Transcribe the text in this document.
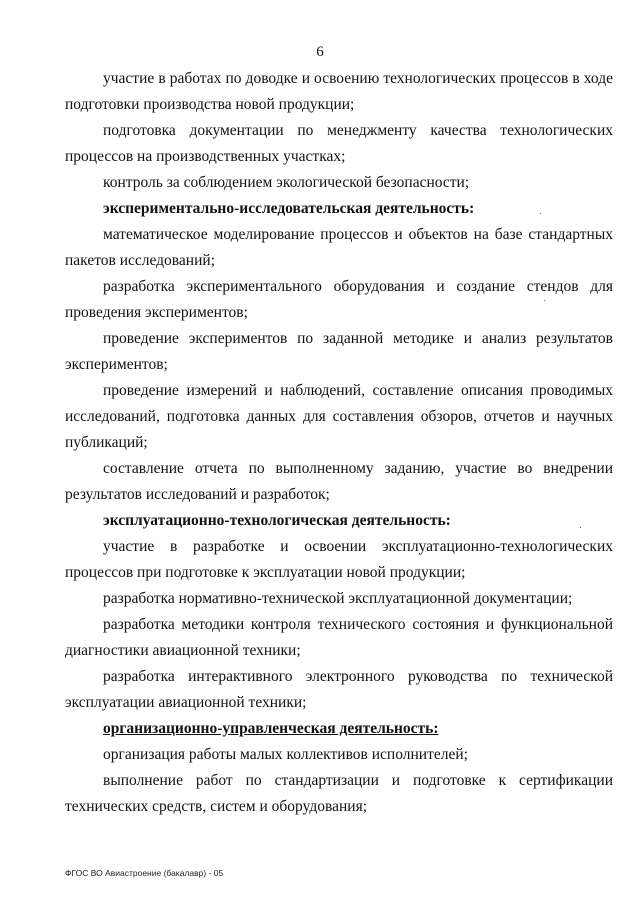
6

участие в работах по доводке и освоению технологических процессов в ходе подготовки производства новой продукции;

подготовка документации по менеджменту качества технологических процессов на производственных участках;

контроль за соблюдением экологической безопасности;

экспериментально-исследовательская деятельность:

математическое моделирование процессов и объектов на базе стандартных пакетов исследований;

разработка экспериментального оборудования и создание стендов для проведения экспериментов;

проведение экспериментов по заданной методике и анализ результатов экспериментов;

проведение измерений и наблюдений, составление описания проводимых исследований, подготовка данных для составления обзоров, отчетов и научных публикаций;

составление отчета по выполненному заданию, участие во внедрении результатов исследований и разработок;

эксплуатационно-технологическая деятельность:

участие в разработке и освоении эксплуатационно-технологических процессов при подготовке к эксплуатации новой продукции;

разработка нормативно-технической эксплуатационной документации;

разработка методики контроля технического состояния и функциональной диагностики авиационной техники;

разработка интерактивного электронного руководства по технической эксплуатации авиационной техники;

организационно-управленческая деятельность:

организация работы малых коллективов исполнителей;

выполнение работ по стандартизации и подготовке к сертификации технических средств, систем и оборудования;

ФГОС ВО Авиастроение (бакалавр) - 05
